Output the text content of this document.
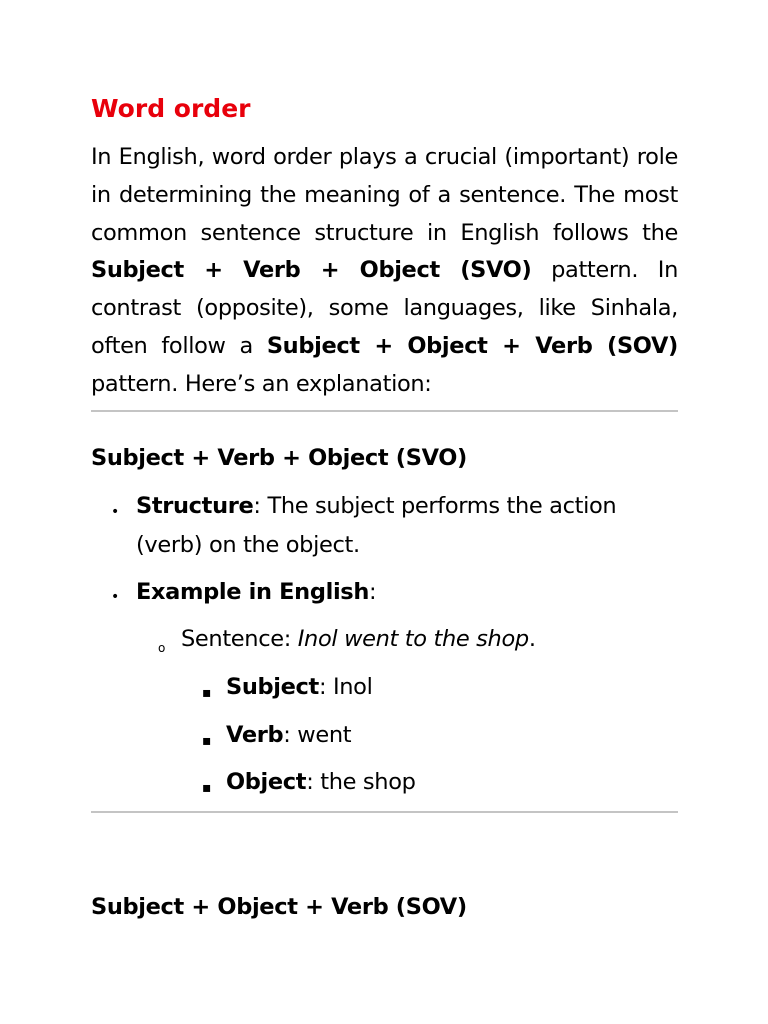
Word order

In English, word order plays a crucial (important) role in determining the meaning of a sentence. The most common sentence structure in English follows the Subject + Verb + Object (SVO) pattern. In contrast (opposite), some languages, like Sinhala, often follow a Subject + Object + Verb (SOV) pattern. Here’s an explanation:

Subject + Verb + Object (SVO)
• Structure: The subject performs the action (verb) on the object.
• Example in English:
o Sentence: Inol went to the shop.
▪ Subject: Inol
▪ Verb: went
▪ Object: the shop
Subject + Object + Verb (SOV)
